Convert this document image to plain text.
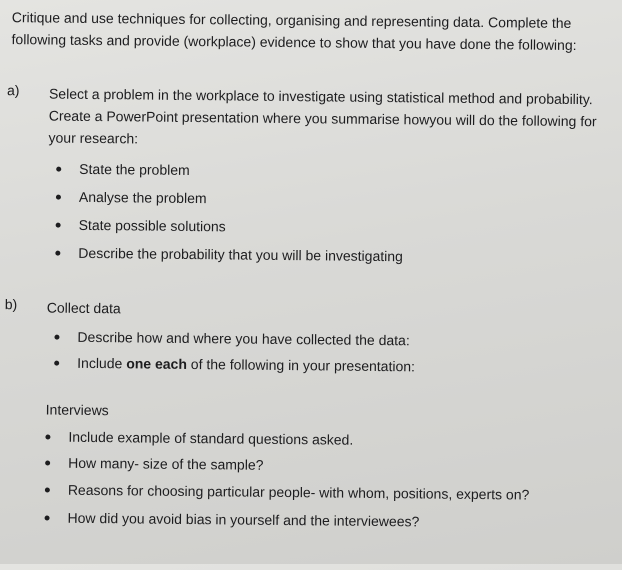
Critique and use techniques for collecting, organising and representing data. Complete the
following tasks and provide (workplace) evidence to show that you have done the following:
a) Select a problem in the workplace to investigate using statistical method and probability.
Create a PowerPoint presentation where you summarise howyou will do the following for
your research:
State the problem
Analyse the problem
State possible solutions
Describe the probability that you will be investigating
b) Collect data
Describe how and where you have collected the data:
Include one each of the following in your presentation:
Interviews
Include example of standard questions asked.
How many- size of the sample?
Reasons for choosing particular people- with whom, positions, experts on?
How did you avoid bias in yourself and the interviewees?
